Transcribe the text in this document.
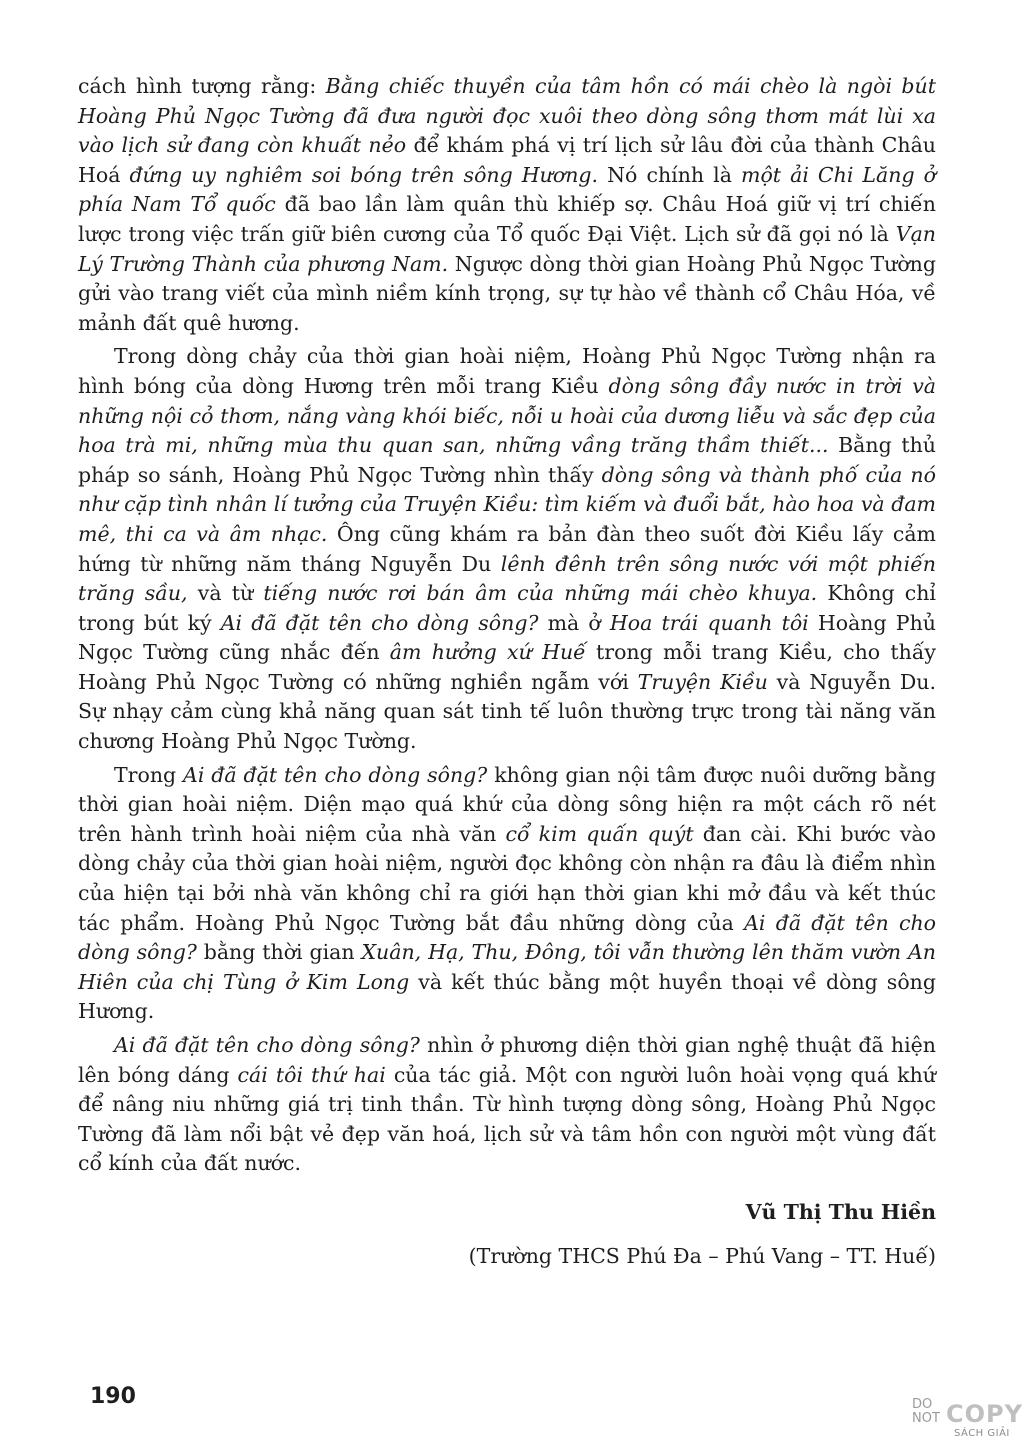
cách hình tượng rằng: Bằng chiếc thuyền của tâm hồn có mái chèo là ngòi bút Hoàng Phủ Ngọc Tường đã đưa người đọc xuôi theo dòng sông thơm mát lùi xa vào lịch sử đang còn khuất nẻo để khám phá vị trí lịch sử lâu đời của thành Châu Hoá đứng uy nghiêm soi bóng trên sông Hương. Nó chính là một ải Chi Lăng ở phía Nam Tổ quốc đã bao lần làm quân thù khiếp sợ. Châu Hoá giữ vị trí chiến lược trong việc trấn giữ biên cương của Tổ quốc Đại Việt. Lịch sử đã gọi nó là Vạn Lý Trường Thành của phương Nam. Ngược dòng thời gian Hoàng Phủ Ngọc Tường gửi vào trang viết của mình niềm kính trọng, sự tự hào về thành cổ Châu Hóa, về mảnh đất quê hương.

Trong dòng chảy của thời gian hoài niệm, Hoàng Phủ Ngọc Tường nhận ra hình bóng của dòng Hương trên mỗi trang Kiều dòng sông đầy nước in trời và những nội cỏ thơm, nắng vàng khói biếc, nỗi u hoài của dương liễu và sắc đẹp của hoa trà mi, những mùa thu quan san, những vầng trăng thầm thiết... Bằng thủ pháp so sánh, Hoàng Phủ Ngọc Tường nhìn thấy dòng sông và thành phố của nó như cặp tình nhân lí tưởng của Truyện Kiều: tìm kiếm và đuổi bắt, hào hoa và đam mê, thi ca và âm nhạc. Ông cũng khám ra bản đàn theo suốt đời Kiều lấy cảm hứng từ những năm tháng Nguyễn Du lênh đênh trên sông nước với một phiến trăng sầu, và từ tiếng nước rơi bán âm của những mái chèo khuya. Không chỉ trong bút ký Ai đã đặt tên cho dòng sông? mà ở Hoa trái quanh tôi Hoàng Phủ Ngọc Tường cũng nhắc đến âm hưởng xứ Huế trong mỗi trang Kiều, cho thấy Hoàng Phủ Ngọc Tường có những nghiền ngẫm với Truyện Kiều và Nguyễn Du. Sự nhạy cảm cùng khả năng quan sát tinh tế luôn thường trực trong tài năng văn chương Hoàng Phủ Ngọc Tường.

Trong Ai đã đặt tên cho dòng sông? không gian nội tâm được nuôi dưỡng bằng thời gian hoài niệm. Diện mạo quá khứ của dòng sông hiện ra một cách rõ nét trên hành trình hoài niệm của nhà văn cổ kim quấn quýt đan cài. Khi bước vào dòng chảy của thời gian hoài niệm, người đọc không còn nhận ra đâu là điểm nhìn của hiện tại bởi nhà văn không chỉ ra giới hạn thời gian khi mở đầu và kết thúc tác phẩm. Hoàng Phủ Ngọc Tường bắt đầu những dòng của Ai đã đặt tên cho dòng sông? bằng thời gian Xuân, Hạ, Thu, Đông, tôi vẫn thường lên thăm vườn An Hiên của chị Tùng ở Kim Long và kết thúc bằng một huyền thoại về dòng sông Hương.

Ai đã đặt tên cho dòng sông? nhìn ở phương diện thời gian nghệ thuật đã hiện lên bóng dáng cái tôi thứ hai của tác giả. Một con người luôn hoài vọng quá khứ để nâng niu những giá trị tinh thần. Từ hình tượng dòng sông, Hoàng Phủ Ngọc Tường đã làm nổi bật vẻ đẹp văn hoá, lịch sử và tâm hồn con người một vùng đất cổ kính của đất nước.

Vũ Thị Thu Hiền
(Trường THCS Phú Đa – Phú Vang – TT. Huế)
190	DO
NOT COPY
SÁCH GIẢI
